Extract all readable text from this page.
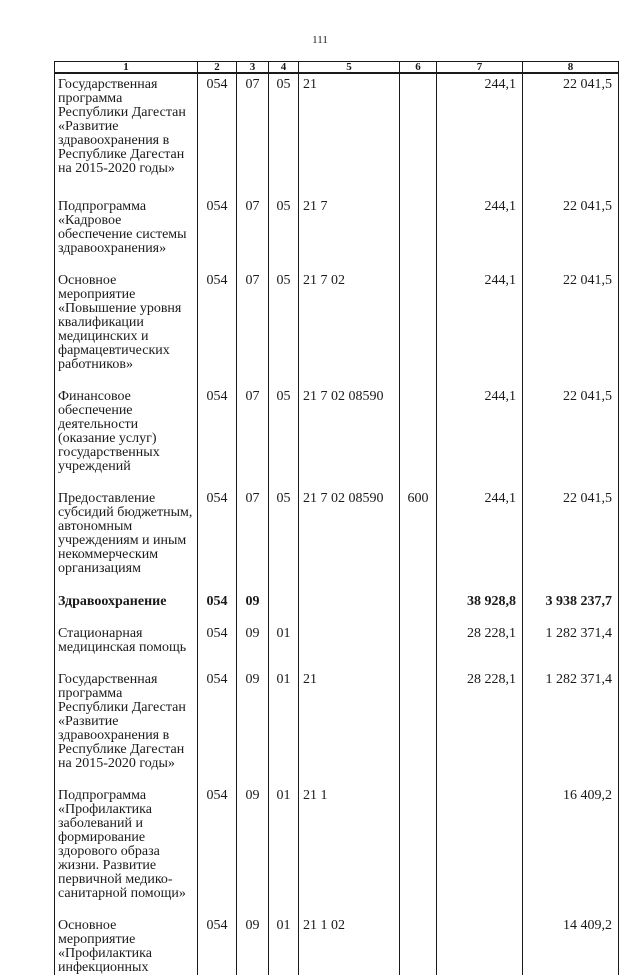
111
1	2	3	4	5	6	7	8
Государственная программа Республики Дагестан «Развитие здравоохранения в Республике Дагестан на 2015-2020 годы»	054	07	05	21		244,1	22 041,5
Подпрограмма «Кадровое обеспечение системы здравоохранения»	054	07	05	21 7		244,1	22 041,5
Основное мероприятие «Повышение уровня квалификации медицинских и фармацевтических работников»	054	07	05	21 7 02		244,1	22 041,5
Финансовое обеспечение деятельности (оказание услуг) государственных учреждений	054	07	05	21 7 02 08590		244,1	22 041,5
Предоставление субсидий бюджетным, автономным учреждениям и иным некоммерческим организациям	054	07	05	21 7 02 08590	600	244,1	22 041,5
Здравоохранение	054	09				38 928,8	3 938 237,7
Стационарная медицинская помощь	054	09	01			28 228,1	1 282 371,4
Государственная программа Республики Дагестан «Развитие здравоохранения в Республике Дагестан на 2015-2020 годы»	054	09	01	21		28 228,1	1 282 371,4
Подпрограмма «Профилактика заболеваний и формирование здорового образа жизни. Развитие первичной медико-санитарной помощи»	054	09	01	21 1			16 409,2
Основное мероприятие «Профилактика инфекционных	054	09	01	21 1 02			14 409,2
